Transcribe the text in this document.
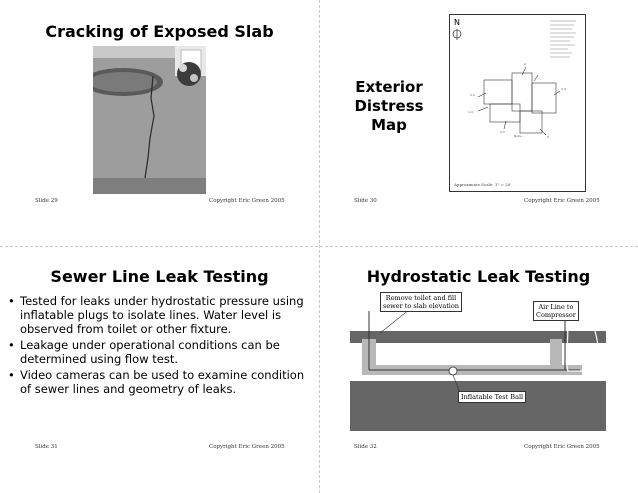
Cracking of Exposed Slab
Slide 29	Copyright Eric Green 2005
Exterior
Distress
Map
N
2,4
1,4
2
3,4
5
2,3
Note...
Approximate Scale: 1" = 20'
Slide 30	Copyright Eric Green 2005
Sewer Line Leak Testing
• Tested for leaks under hydrostatic pressure using inflatable plugs to isolate lines. Water level is observed from toilet or other fixture.
• Leakage under operational conditions can be determined using flow test.
• Video cameras can be used to examine condition of sewer lines and geometry of leaks.
Slide 31	Copyright Eric Green 2005
Hydrostatic Leak Testing
Remove toilet and fill
sewer to slab elevation	Air Line to
Compressor
Inflatable Test Ball
Slide 32	Copyright Eric Green 2005
